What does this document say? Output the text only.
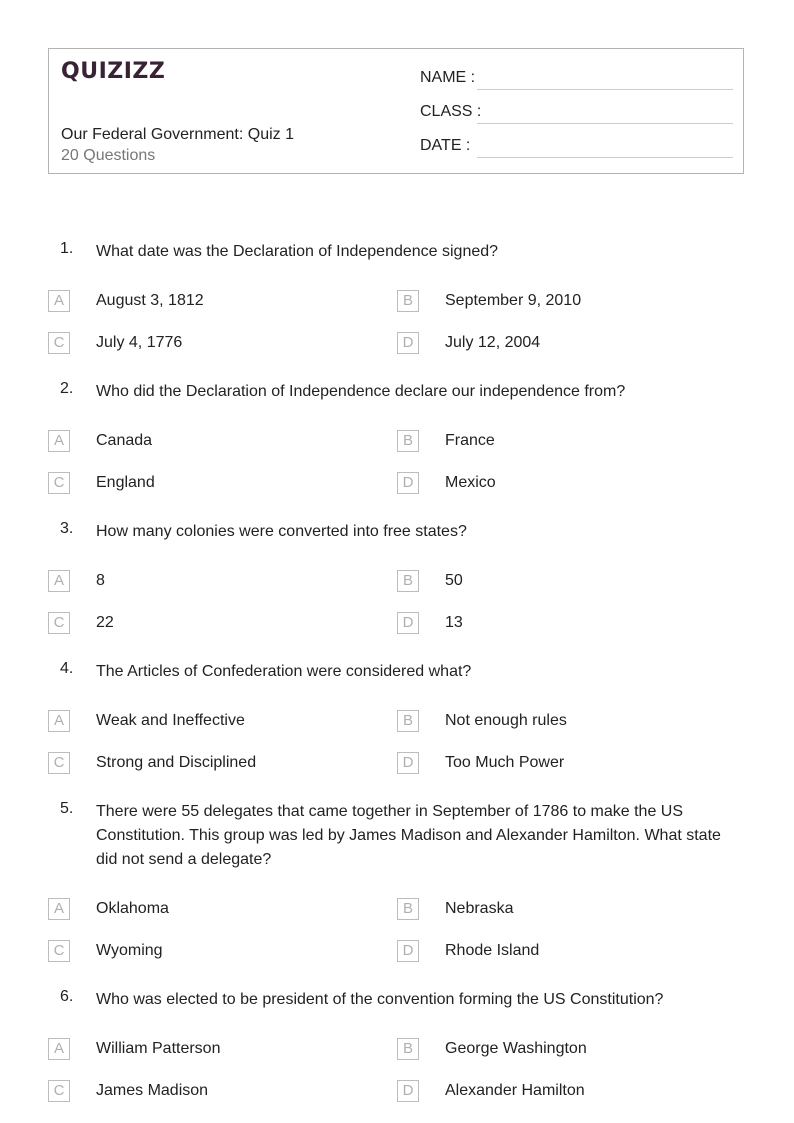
QUIZIZZ
Our Federal Government: Quiz 1
20 Questions
NAME :
CLASS :
DATE :
1. What date was the Declaration of Independence signed?
A	August 3, 1812	B	September 9, 2010
C	July 4, 1776	D	July 12, 2004
2. Who did the Declaration of Independence declare our independence from?
A	Canada	B	France
C	England	D	Mexico
3. How many colonies were converted into free states?
A	8	B	50
C	22	D	13
4. The Articles of Confederation were considered what?
A	Weak and Ineffective	B	Not enough rules
C	Strong and Disciplined	D	Too Much Power
5. There were 55 delegates that came together in September of 1786 to make the US Constitution. This group was led by James Madison and Alexander Hamilton. What state did not send a delegate?
A	Oklahoma	B	Nebraska
C	Wyoming	D	Rhode Island
6. Who was elected to be president of the convention forming the US Constitution?
A	William Patterson	B	George Washington
C	James Madison	D	Alexander Hamilton
